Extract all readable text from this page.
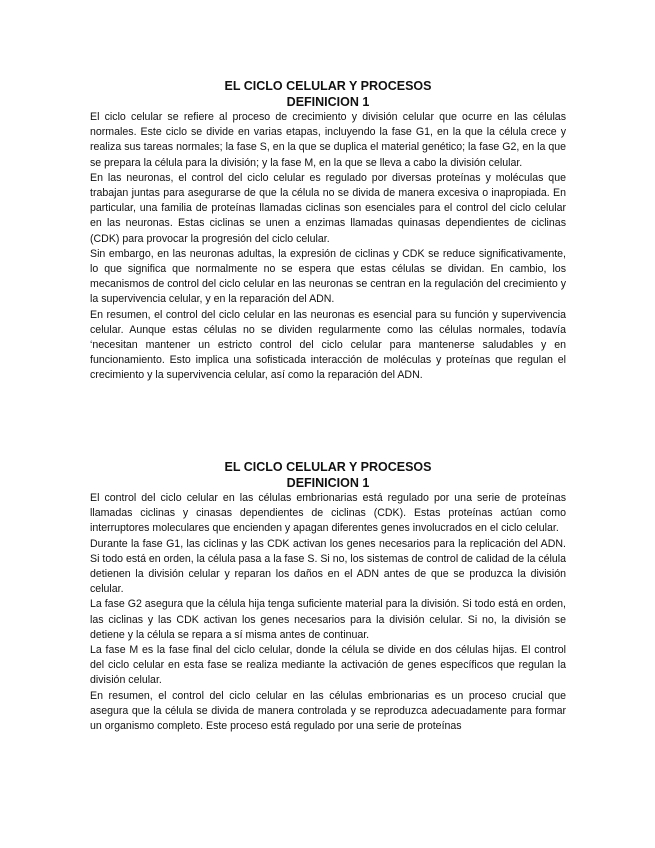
EL CICLO CELULAR Y PROCESOS

DEFINICION 1

El ciclo celular se refiere al proceso de crecimiento y división celular que ocurre en las células normales. Este ciclo se divide en varias etapas, incluyendo la fase G1, en la que la célula crece y realiza sus tareas normales; la fase S, en la que se duplica el material genético; la fase G2, en la que se prepara la célula para la división; y la fase M, en la que se lleva a cabo la división celular.

En las neuronas, el control del ciclo celular es regulado por diversas proteínas y moléculas que trabajan juntas para asegurarse de que la célula no se divida de manera excesiva o inapropiada. En particular, una familia de proteínas llamadas ciclinas son esenciales para el control del ciclo celular en las neuronas. Estas ciclinas se unen a enzimas llamadas quinasas dependientes de ciclinas (CDK) para provocar la progresión del ciclo celular.

Sin embargo, en las neuronas adultas, la expresión de ciclinas y CDK se reduce significativamente, lo que significa que normalmente no se espera que estas células se dividan. En cambio, los mecanismos de control del ciclo celular en las neuronas se centran en la regulación del crecimiento y la supervivencia celular, y en la reparación del ADN.

En resumen, el control del ciclo celular en las neuronas es esencial para su función y supervivencia celular. Aunque estas células no se dividen regularmente como las células normales, todavía ‘necesitan mantener un estricto control del ciclo celular para mantenerse saludables y en funcionamiento. Esto implica una sofisticada interacción de moléculas y proteínas que regulan el crecimiento y la supervivencia celular, así como la reparación del ADN.

EL CICLO CELULAR Y PROCESOS

DEFINICION 1

El control del ciclo celular en las células embrionarias está regulado por una serie de proteínas llamadas ciclinas y cinasas dependientes de ciclinas (CDK). Estas proteínas actúan como interruptores moleculares que encienden y apagan diferentes genes involucrados en el ciclo celular.

Durante la fase G1, las ciclinas y las CDK activan los genes necesarios para la replicación del ADN. Si todo está en orden, la célula pasa a la fase S. Si no, los sistemas de control de calidad de la célula detienen la división celular y reparan los daños en el ADN antes de que se produzca la división celular.

La fase G2 asegura que la célula hija tenga suficiente material para la división. Si todo está en orden, las ciclinas y las CDK activan los genes necesarios para la división celular. Si no, la división se detiene y la célula se repara a sí misma antes de continuar.

La fase M es la fase final del ciclo celular, donde la célula se divide en dos células hijas. El control del ciclo celular en esta fase se realiza mediante la activación de genes específicos que regulan la división celular.

En resumen, el control del ciclo celular en las células embrionarias es un proceso crucial que asegura que la célula se divida de manera controlada y se reproduzca adecuadamente para formar un organismo completo. Este proceso está regulado por una serie de proteínas
